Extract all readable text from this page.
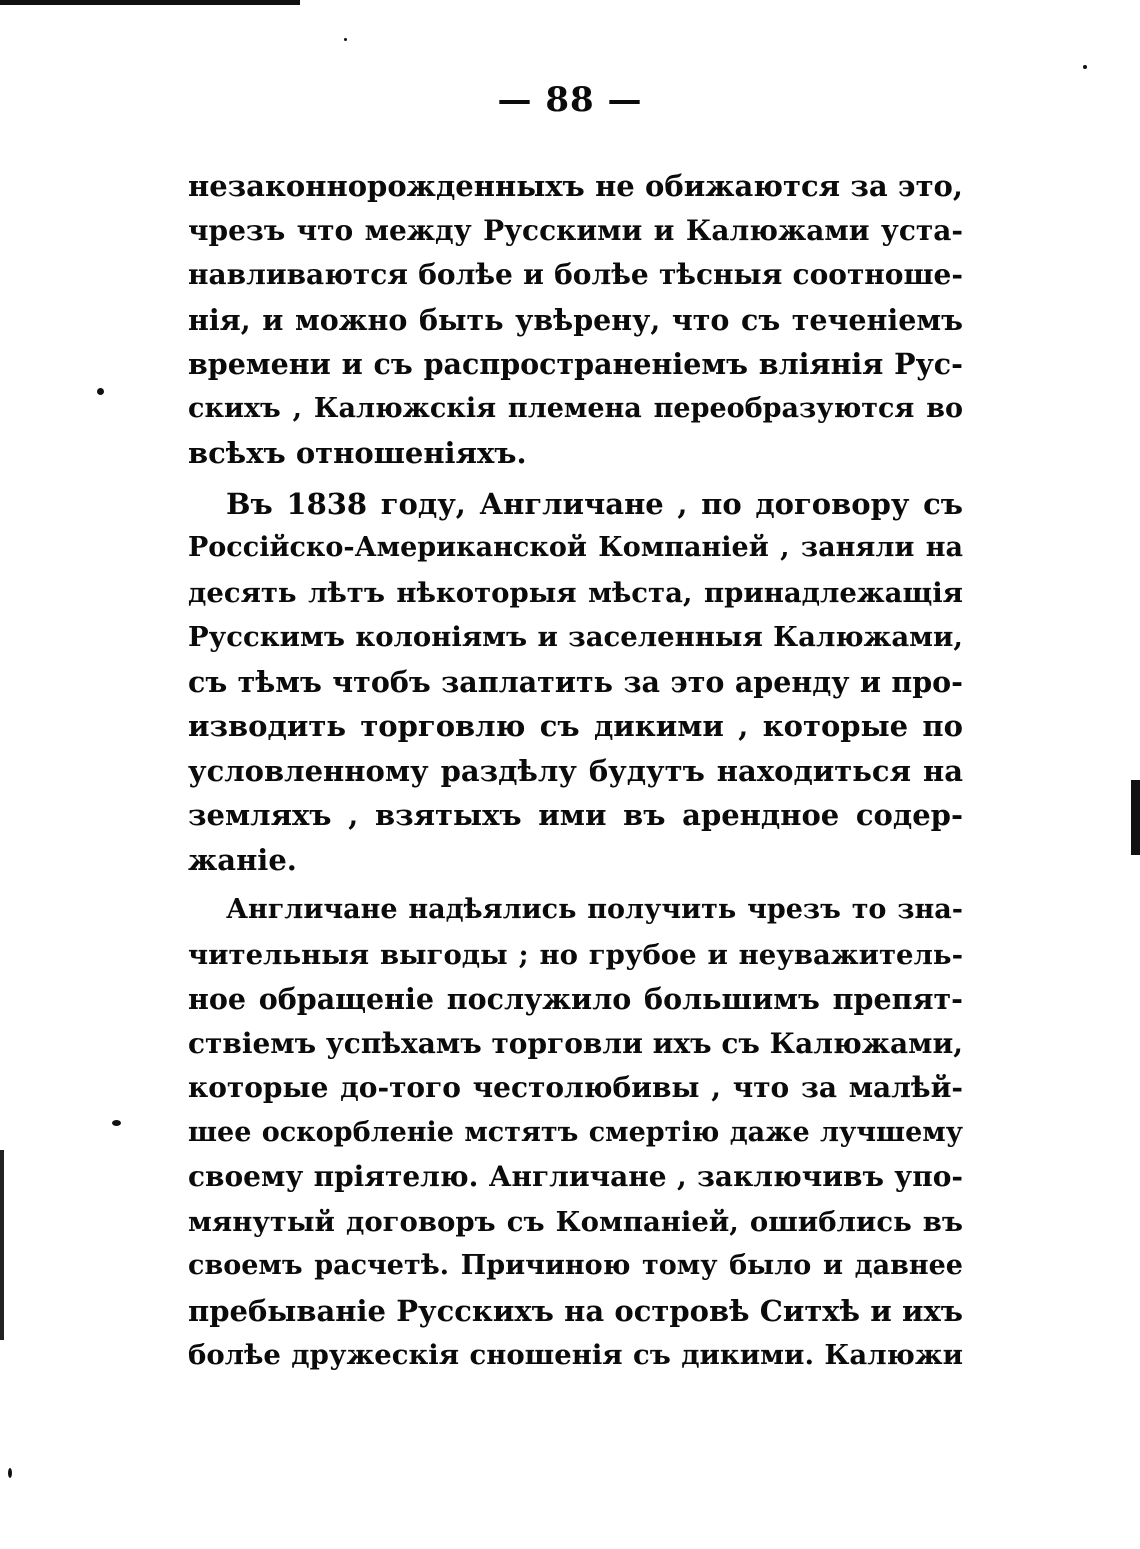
— 88 —
незаконнорожденныхъ не обижаются за это,
чрезъ что между Русскими и Калюжами уста-
навливаются болѣе и болѣе тѣсныя соотноше-
нія, и можно быть увѣрену, что съ теченіемъ
времени и съ распространеніемъ вліянія Рус-
скихъ , Калюжскія племена переобразуются во
всѣхъ отношеніяхъ.
Въ 1838 году, Англичане , по договору съ
Россійско-Американской Компаніей , заняли на
десять лѣтъ нѣкоторыя мѣста, принадлежащія
Русскимъ колоніямъ и заселенныя Калюжами,
съ тѣмъ чтобъ заплатить за это аренду и про-
изводить торговлю съ дикими , которые по
условленному раздѣлу будутъ находиться на
земляхъ , взятыхъ ими въ арендное содер-
жаніе.
Англичане надѣялись получить чрезъ то зна-
чительныя выгоды ; но грубое и неуважитель-
ное обращеніе послужило большимъ препят-
ствіемъ успѣхамъ торговли ихъ съ Калюжами,
которые до-того честолюбивы , что за малѣй-
шее оскорбленіе мстятъ смертію даже лучшему
своему пріятелю. Англичане , заключивъ упо-
мянутый договоръ съ Компаніей, ошиблись въ
своемъ расчетѣ. Причиною тому было и давнее
пребываніе Русскихъ на островѣ Ситхѣ и ихъ
болѣе дружескія сношенія съ дикими. Калюжи
